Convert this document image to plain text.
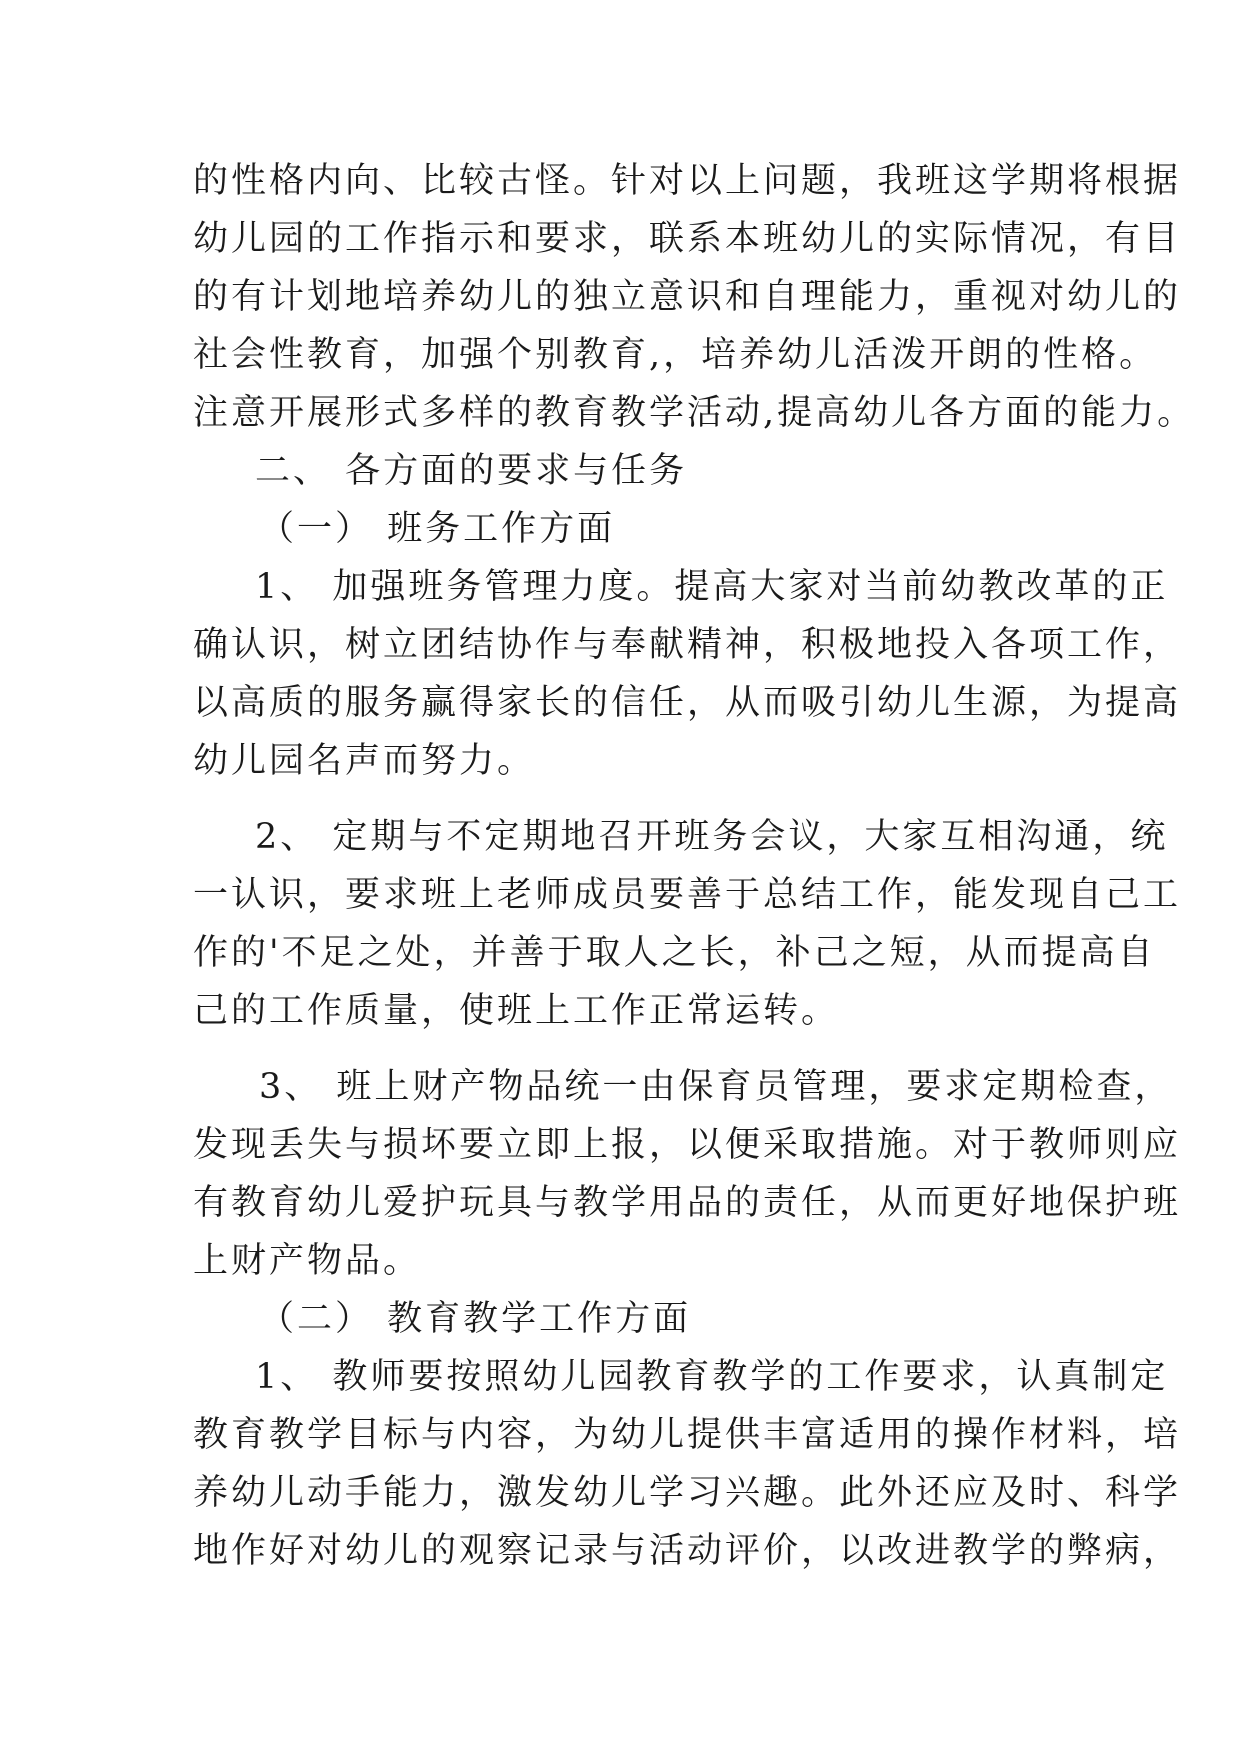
的性格内向、比较古怪。针对以上问题，我班这学期将根据
幼儿园的工作指示和要求，联系本班幼儿的实际情况，有目
的有计划地培养幼儿的独立意识和自理能力，重视对幼儿的
社会性教育，加强个别教育,，培养幼儿活泼开朗的性格。
注意开展形式多样的教育教学活动,提高幼儿各方面的能力。
二、 各方面的要求与任务
（一） 班务工作方面
1、 加强班务管理力度。提高大家对当前幼教改革的正
确认识，树立团结协作与奉献精神，积极地投入各项工作，
以高质的服务赢得家长的信任，从而吸引幼儿生源，为提高
幼儿园名声而努力。
2、 定期与不定期地召开班务会议，大家互相沟通，统
一认识，要求班上老师成员要善于总结工作，能发现自己工
作的'不足之处，并善于取人之长，补己之短，从而提高自
己的工作质量，使班上工作正常运转。
3、 班上财产物品统一由保育员管理，要求定期检查，
发现丢失与损坏要立即上报，以便采取措施。对于教师则应
有教育幼儿爱护玩具与教学用品的责任，从而更好地保护班
上财产物品。
（二） 教育教学工作方面
1、 教师要按照幼儿园教育教学的工作要求，认真制定
教育教学目标与内容，为幼儿提供丰富适用的操作材料，培
养幼儿动手能力，激发幼儿学习兴趣。此外还应及时、科学
地作好对幼儿的观察记录与活动评价，以改进教学的弊病，
